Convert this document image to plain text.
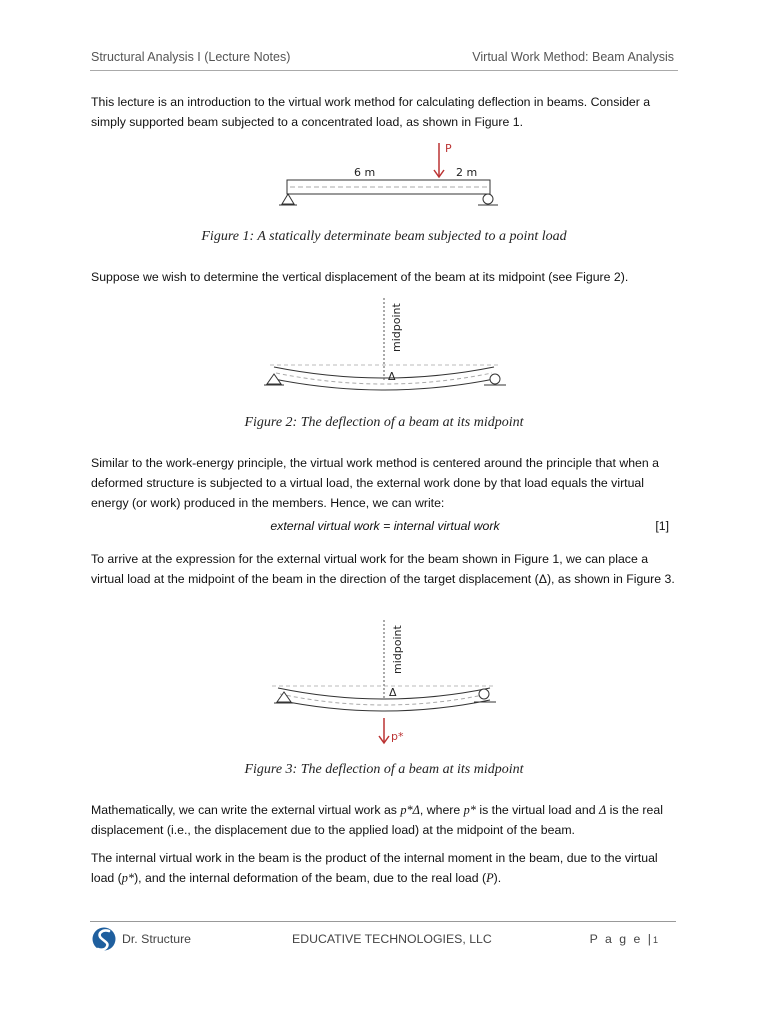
Structural Analysis I (Lecture Notes)	Virtual Work Method: Beam Analysis
This lecture is an introduction to the virtual work method for calculating deflection in beams. Consider a simply supported beam subjected to a concentrated load, as shown in Figure 1.
P
6 m	2 m
Figure 1: A statically determinate beam subjected to a point load
Suppose we wish to determine the vertical displacement of the beam at its midpoint (see Figure 2).
midpoint
Δ
Figure 2: The deflection of a beam at its midpoint
Similar to the work-energy principle, the virtual work method is centered around the principle that when a deformed structure is subjected to a virtual load, the external work done by that load equals the virtual energy (or work) produced in the members. Hence, we can write:
external virtual work = internal virtual work	[1]
To arrive at the expression for the external virtual work for the beam shown in Figure 1, we can place a virtual load at the midpoint of the beam in the direction of the target displacement (Δ), as shown in Figure 3.
midpoint
Δ
p*
Figure 3: The deflection of a beam at its midpoint
Mathematically, we can write the external virtual work as p*Δ, where p* is the virtual load and Δ is the real displacement (i.e., the displacement due to the applied load) at the midpoint of the beam.
The internal virtual work in the beam is the product of the internal moment in the beam, due to the virtual load (p*), and the internal deformation of the beam, due to the real load (P).
Dr. Structure	EDUCATIVE TECHNOLOGIES, LLC	P a g e |1
